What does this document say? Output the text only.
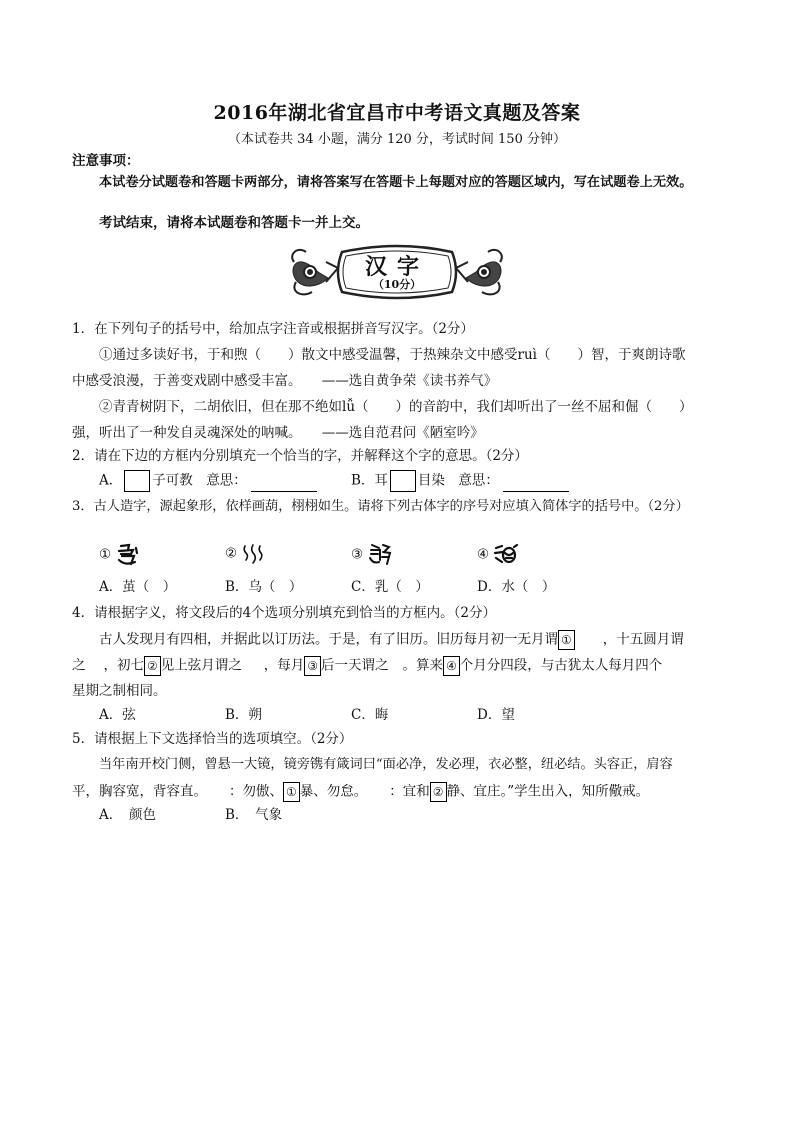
2016年湖北省宜昌市中考语文真题及答案
（本试卷共 34 小题，满分 120 分，考试时间 150 分钟）
注意事项：
本试卷分试题卷和答题卡两部分，请将答案写在答题卡上每题对应的答题区域内，写在试题卷上无效。
考试结束，请将本试题卷和答题卡一并上交。
汉字
（10分）
1．在下列句子的括号中，给加点字注音或根据拼音写汉字。（2分）
①通过多读好书，于和煦（　　）散文中感受温馨，于热辣杂文中感受ruì（　　）智，于爽朗诗歌
中感受浪漫，于善变戏剧中感受丰富。　　——选自黄争荣《读书养气》
②青青树阴下，二胡依旧，但在那不绝如lǚ（　　）的音韵中，我们却听出了一丝不屈和倔（　　）
强，听出了一种发自灵魂深处的呐喊。　　——选自范君问《陋室吟》
2．请在下边的方框内分别填充一个恰当的字，并解释这个字的意思。（2分）
A． 子可教　意思：	B．耳 目染　意思：
3．古人造字，源起象形，依样画葫，栩栩如生。请将下列古体字的序号对应填入简体字的括号中。（2分）
①	②	③	④
A．茧（　）	B．乌（　）	C．乳（　）	D．水（　）
4．请根据字义，将文段后的4个选项分别填充到恰当的方框内。（2分）
古人发现月有四相，并据此以订历法。于是，有了旧历。旧历每月初一无月谓 ① ，十五圆月谓
之 ，初七 ② 见上弦月谓之 ，每月 ③ 后一天谓之 。算来 ④ 个月分四段，与古犹太人每月四个
星期之制相同。
A．弦	B．朔	C．晦	D．望
5．请根据上下文选择恰当的选项填空。（2分）
当年南开校门侧，曾悬一大镜，镜旁镌有箴词曰“面必净，发必理，衣必整，纽必结。头容正，肩容
平，胸容宽，背容直。 ：勿傲、 ① 暴、勿怠。 ：宜和 ② 静、宜庄。”学生出入，知所儆戒。
A．　颜色	B．　气象
